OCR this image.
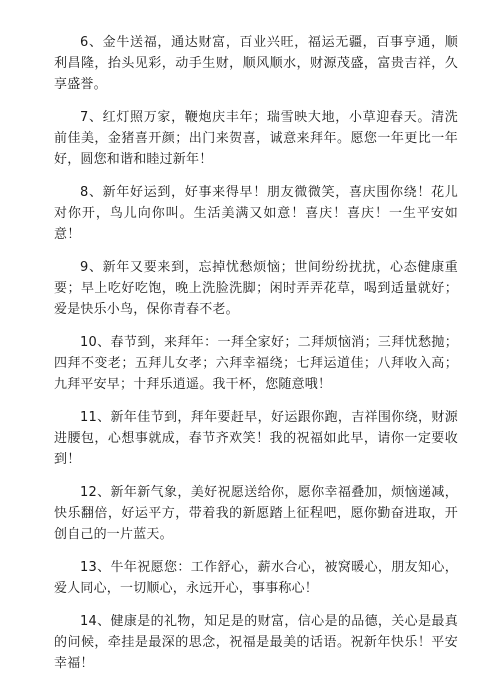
6、金牛送福，通达财富，百业兴旺，福运无疆，百事亨通，顺利昌隆，抬头见彩，动手生财，顺风顺水，财源茂盛，富贵吉祥，久享盛誉。

7、红灯照万家，鞭炮庆丰年；瑞雪映大地，小草迎春天。清洗前佳美，金猪喜开颜；出门来贺喜，诚意来拜年。愿您一年更比一年好，圆您和谐和睦过新年！

8、新年好运到，好事来得早！朋友微微笑，喜庆围你绕！花儿对你开，鸟儿向你叫。生活美满又如意！喜庆！喜庆！一生平安如意！

9、新年又要来到，忘掉忧愁烦恼；世间纷纷扰扰，心态健康重要；早上吃好吃饱，晚上洗脸洗脚；闲时弄弄花草，喝到适量就好；爱是快乐小鸟，保你青春不老。

10、春节到，来拜年：一拜全家好；二拜烦恼消；三拜忧愁抛；四拜不变老；五拜儿女孝；六拜幸福绕；七拜运道佳；八拜收入高；九拜平安早；十拜乐逍遥。我干杯，您随意哦！

11、新年佳节到，拜年要赶早，好运跟你跑，吉祥围你绕，财源进腰包，心想事就成，春节齐欢笑！我的祝福如此早，请你一定要收到！

12、新年新气象，美好祝愿送给你，愿你幸福叠加，烦恼递减，快乐翻倍，好运平方，带着我的新愿踏上征程吧，愿你勤奋进取，开创自己的一片蓝天。

13、牛年祝愿您：工作舒心，薪水合心，被窝暖心，朋友知心，爱人同心，一切顺心，永远开心，事事称心！

14、健康是的礼物，知足是的财富，信心是的品德，关心是最真的问候，牵挂是最深的思念，祝福是最美的话语。祝新年快乐！平安幸福！
